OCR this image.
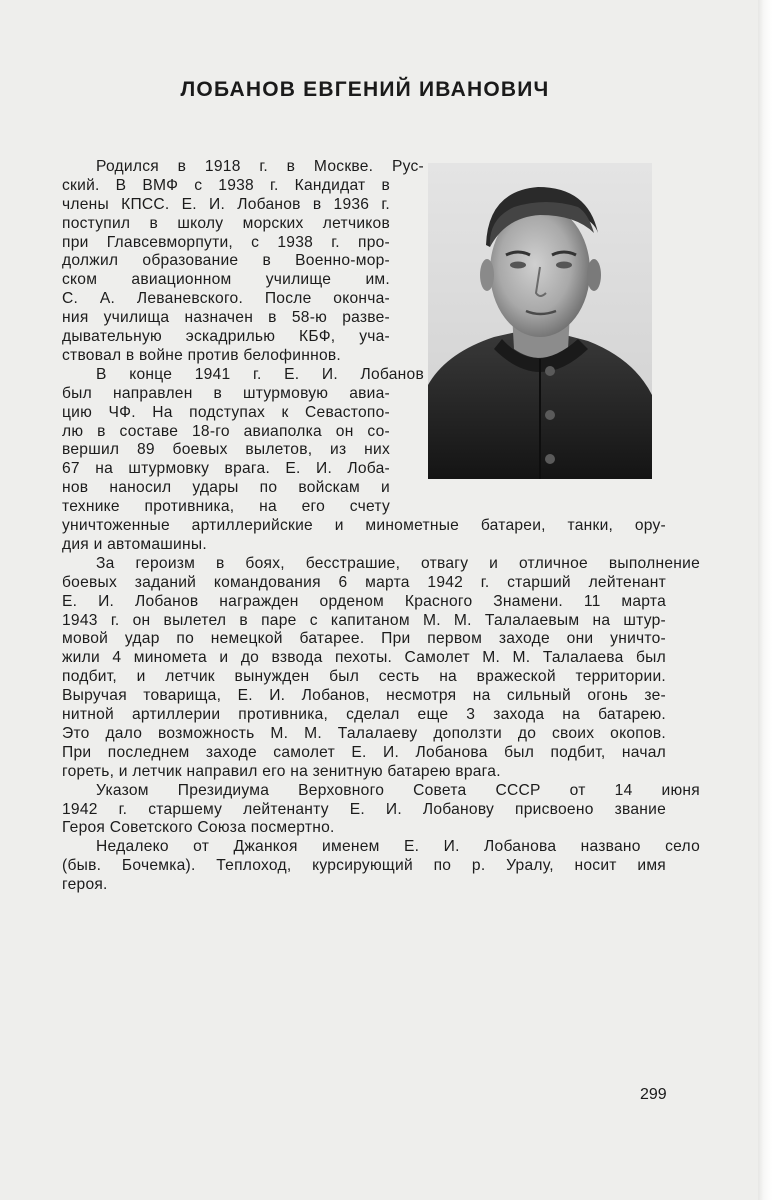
ЛОБАНОВ ЕВГЕНИЙ ИВАНОВИЧ
Родился в 1918 г. в Москве. Рус-
ский. В ВМФ с 1938 г. Кандидат в
члены КПСС. Е. И. Лобанов в 1936 г.
поступил в школу морских летчиков
при Главсевморпути, с 1938 г. про-
должил образование в Военно-мор-
ском авиационном училище им.
С. А. Леваневского. После оконча-
ния училища назначен в 58-ю разве-
дывательную эскадрилью КБФ, уча-
ствовал в войне против белофиннов.
В конце 1941 г. Е. И. Лобанов
был направлен в штурмовую авиа-
цию ЧФ. На подступах к Севастопо-
лю в составе 18-го авиаполка он со-
вершил 89 боевых вылетов, из них
67 на штурмовку врага. Е. И. Лоба-
нов наносил удары по войскам и
технике противника, на его счету
уничтоженные артиллерийские и минометные батареи, танки, ору-
дия и автомашины.
За героизм в боях, бесстрашие, отвагу и отличное выполнение
боевых заданий командования 6 марта 1942 г. старший лейтенант
Е. И. Лобанов награжден орденом Красного Знамени. 11 марта
1943 г. он вылетел в паре с капитаном М. М. Талалаевым на штур-
мовой удар по немецкой батарее. При первом заходе они уничто-
жили 4 миномета и до взвода пехоты. Самолет М. М. Талалаева был
подбит, и летчик вынужден был сесть на вражеской территории.
Выручая товарища, Е. И. Лобанов, несмотря на сильный огонь зе-
нитной артиллерии противника, сделал еще 3 захода на батарею.
Это дало возможность М. М. Талалаеву доползти до своих окопов.
При последнем заходе самолет Е. И. Лобанова был подбит, начал
гореть, и летчик направил его на зенитную батарею врага.
Указом Президиума Верховного Совета СССР от 14 июня
1942 г. старшему лейтенанту Е. И. Лобанову присвоено звание
Героя Советского Союза посмертно.
Недалеко от Джанкоя именем Е. И. Лобанова названо село
(быв. Бочемка). Теплоход, курсирующий по р. Уралу, носит имя
героя.
299
